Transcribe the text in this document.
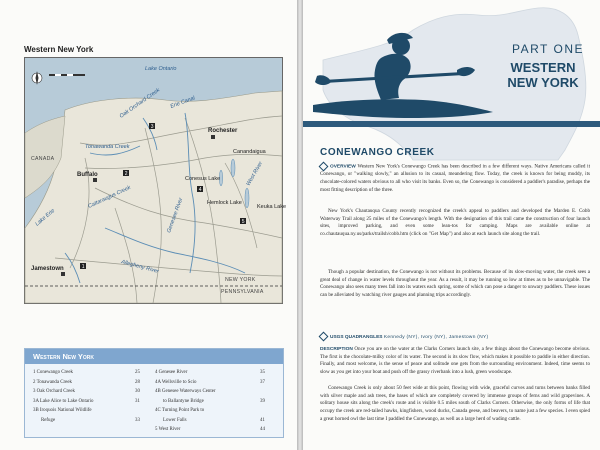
Western New York
1
2
3
4
5
Lake Ontario
Lake Erie
CANADA
Rochester
Buffalo
Jamestown
NEW YORK
PENNSYLVANIA
Canandaigua
Hemlock Lake
Conesus Lake
Genesee River
Tonawanda Creek
Oak Orchard Creek Erie Canal
Allegheny River
Cattaraugus Creek	Keuka Lake
West River
Western New York
1 Conewango Creek	25
2 Tonawanda Creek	28
3 Oak Orchard Creek	30
3A Lake Alice to Lake Ontario	31
3B Iroquois National Wildlife
Refuge	33
4 Genesee River	35
4A Wellsville to Scio	37
4B Genesee Waterways Center
to Ballantyne Bridge	39
4C Turning Point Park to
Lower Falls	41
5 West River	44
PART ONE
WESTERN
NEW YORK
CONEWANGO CREEK
OVERVIEW Western New York's Conewango Creek has been described in a few different ways. Native Americans called it Conewango, or "walking slowly," an allusion to its casual, meandering flow. Today, the creek is known for being muddy, its chocolate-colored waters obvious to all who visit its banks. Even so, the Conewango is considered a paddler's paradise, perhaps the most fitting description of the three.
New York's Chautauqua County recently recognized the creek's appeal to paddlers and developed the Marden E. Cobb Waterway Trail along 25 miles of the Conewango's length. With the designation of this trail came the construction of four launch sites, improved parking, and even some lean-tos for camping. Maps are available online at co.chautauqua.ny.us/parks/trailsh/cobb.htm (click on "Get Map") and also at each launch site along the trail.
Though a popular destination, the Conewango is not without its problems. Because of its slow-moving water, the creek sees a great deal of change in water levels throughout the year. As a result, it may be running so low at times as to be unnavigable. The Conewango also sees many trees fall into its waters each spring, some of which can pose a danger to unwary paddlers. These issues can be alleviated by watching river gauges and planning trips accordingly.
USGS QUADRANGLES Kennedy (NY), Ivory (NY), Jamestown (NY)
DESCRIPTION Once you are on the water at the Clarks Corners launch site, a few things about the Conewango become obvious. The first is the chocolate-milky color of its water. The second is its slow flow, which makes it possible to paddle in either direction. Finally, and most welcome, is the sense of peace and solitude one gets from the surrounding environment. Indeed, time seems to slow as you get into your boat and push off the grassy riverbank into a lush, green woodscape.
Conewango Creek is only about 50 feet wide at this point, flowing with wide, graceful curves and turns between banks filled with silver maple and ash trees, the bases of which are completely covered by immense groups of ferns and wild grapevines. A solitary house sits along the creek's route and is visible 0.5 miles south of Clarks Corners. Otherwise, the only forms of life that occupy the creek are red-tailed hawks, kingfishers, wood ducks, Canada geese, and beavers, to name just a few species. I even spied a great horned owl the last time I paddled the Conewango, as well as a large herd of wading cattle.
